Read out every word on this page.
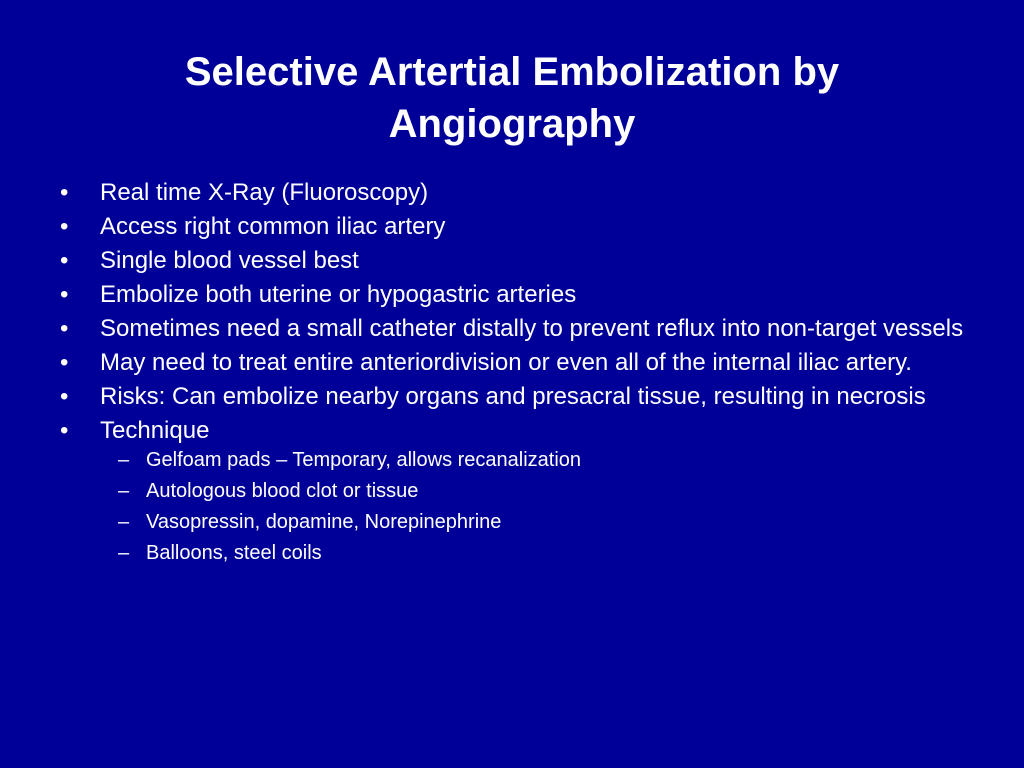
Selective Artertial Embolization by
Angiography
•	Real time X-Ray (Fluoroscopy)
•	Access right common iliac artery
•	Single blood vessel best
•	Embolize both uterine or hypogastric arteries
•	Sometimes need a small catheter distally to prevent reflux into non-target vessels
•	May need to treat entire anteriordivision or even all of the internal iliac artery.
•	Risks: Can embolize nearby organs and presacral tissue, resulting in necrosis
•	Technique
– Gelfoam pads – Temporary, allows recanalization
– Autologous blood clot or tissue
– Vasopressin, dopamine, Norepinephrine
– Balloons, steel coils
